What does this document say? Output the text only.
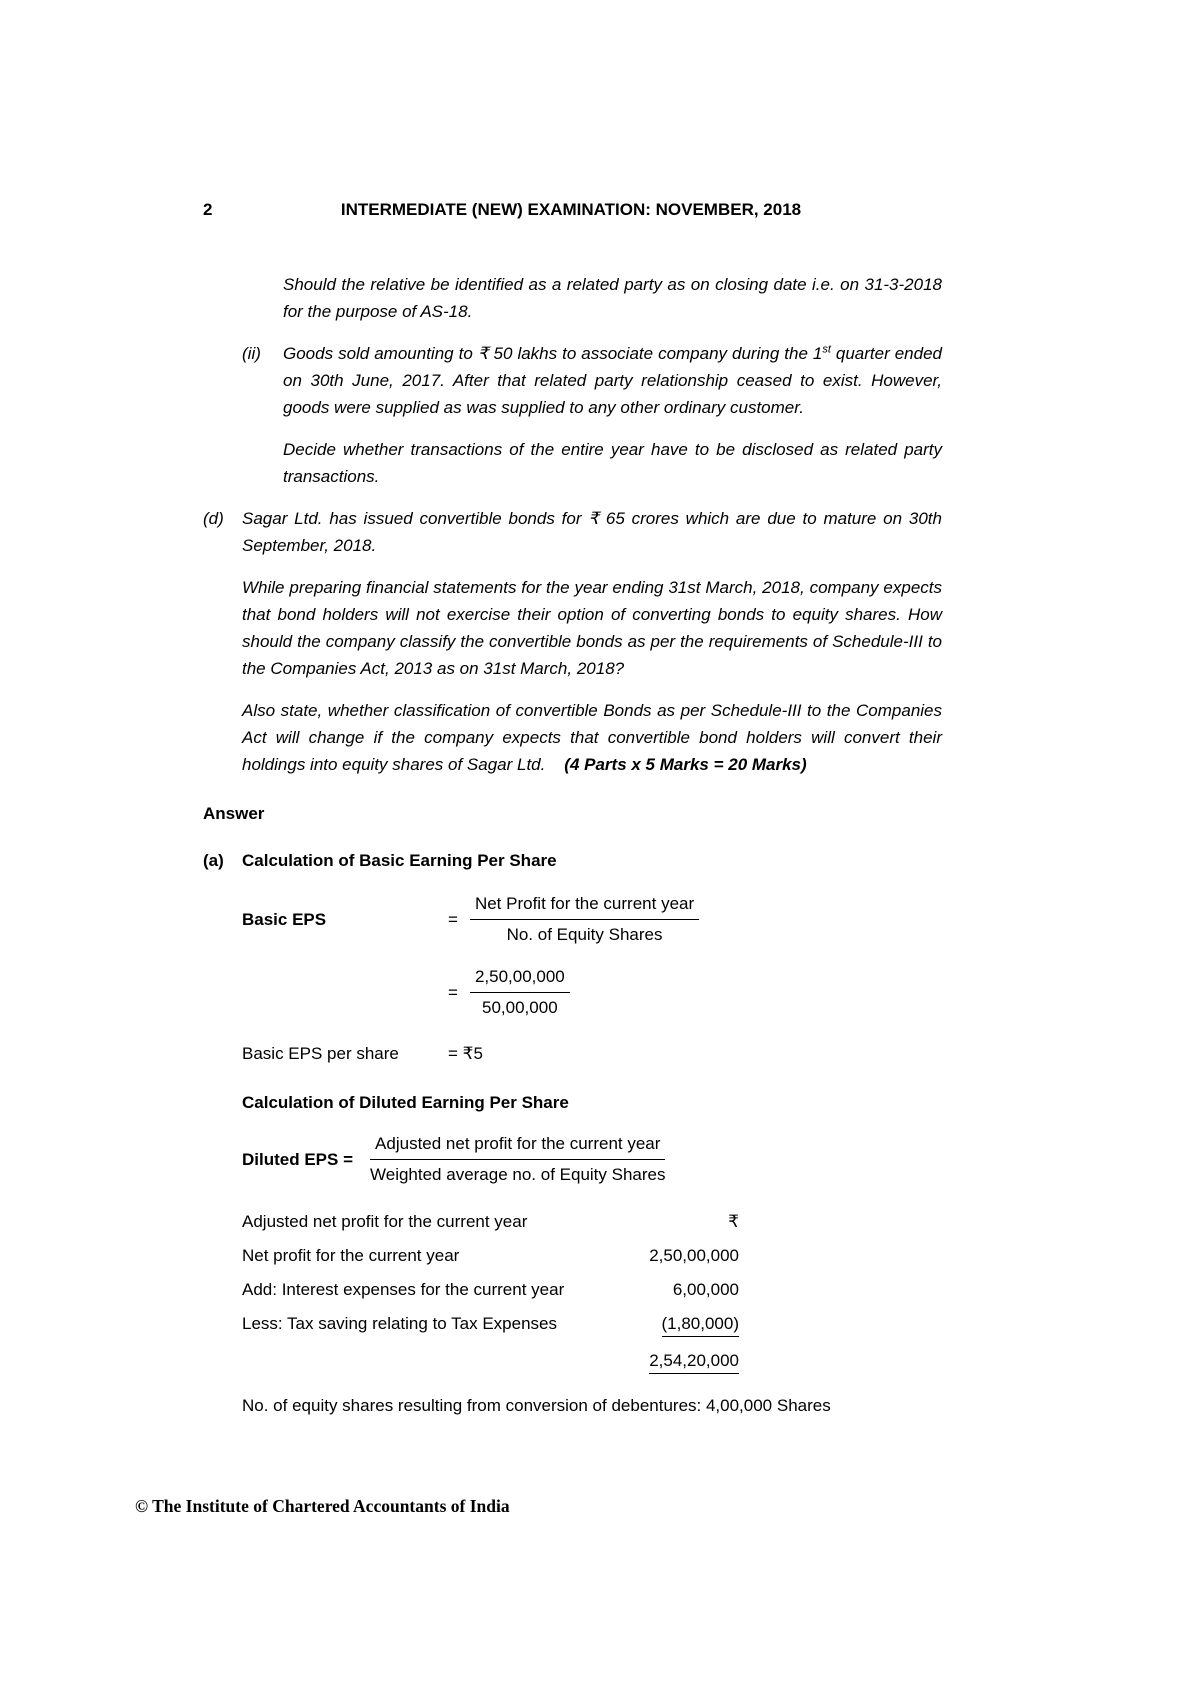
2	INTERMEDIATE (NEW) EXAMINATION: NOVEMBER, 2018

Should the relative be identified as a related party as on closing date i.e. on 31-3-2018 for the purpose of AS-18.

(ii)	Goods sold amounting to ₹ 50 lakhs to associate company during the 1st quarter ended on 30th June, 2017. After that related party relationship ceased to exist. However, goods were supplied as was supplied to any other ordinary customer.

Decide whether transactions of the entire year have to be disclosed as related party transactions.

(d)	Sagar Ltd. has issued convertible bonds for ₹ 65 crores which are due to mature on 30th September, 2018.

While preparing financial statements for the year ending 31st March, 2018, company expects that bond holders will not exercise their option of converting bonds to equity shares. How should the company classify the convertible bonds as per the requirements of Schedule-III to the Companies Act, 2013 as on 31st March, 2018?

Also state, whether classification of convertible Bonds as per Schedule-III to the Companies Act will change if the company expects that convertible bond holders will convert their holdings into equity shares of Sagar Ltd. (4 Parts x 5 Marks = 20 Marks)

Answer
(a)	Calculation of Basic Earning Per Share
Basic EPS	= $\frac{\text{Net Profit for the current year}}{\text{No. of Equity Shares}}$
= $\frac{2,50,00,000}{50,00,000}$
Basic EPS per share	= ₹5
Calculation of Diluted Earning Per Share
Diluted EPS =	$\frac{\text{Adjusted net profit for the current year}}{\text{Weighted average no. of Equity Shares}}$
Adjusted net profit for the current year	₹
Net profit for the current year	2,50,00,000
Add: Interest expenses for the current year	6,00,000
Less: Tax saving relating to Tax Expenses	(1,80,000)
2,54,20,000

No. of equity shares resulting from conversion of debentures: 4,00,000 Shares

© The Institute of Chartered Accountants of India
